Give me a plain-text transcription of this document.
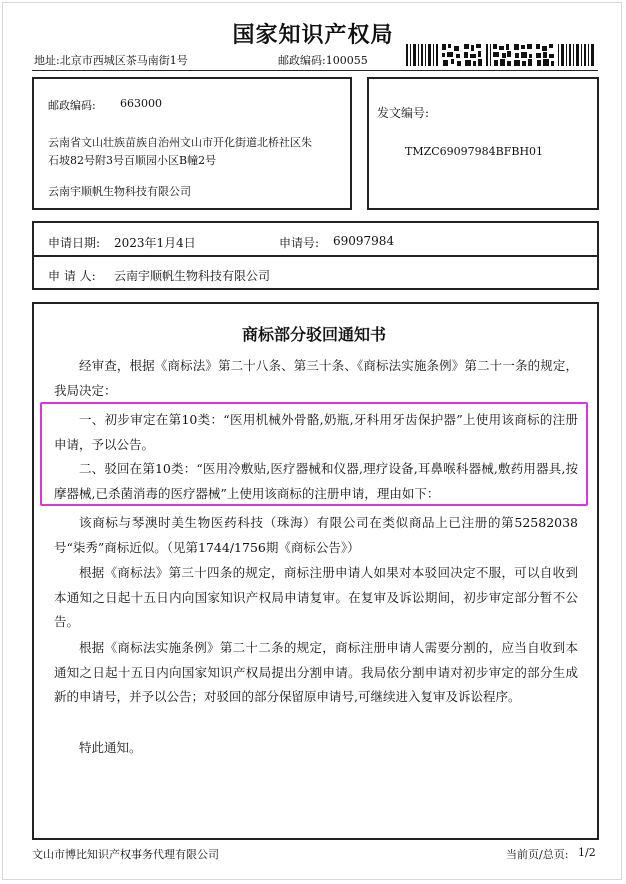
国家知识产权局
地址:北京市西城区茶马南街1号	邮政编码:100055
邮政编码: 663000
云南省文山壮族苗族自治州文山市开化街道北桥社区朱
石坡82号附3号百顺园小区B幢2号
云南宇顺帆生物科技有限公司
发文编号:
TMZC69097984BFBH01
申请日期: 2023年1月4日	申请号: 69097984
申 请 人: 云南宇顺帆生物科技有限公司
商标部分驳回通知书
经审查，根据《商标法》第二十八条、第三十条、《商标法实施条例》第二十一条的规定，我局决定：
一、初步审定在第10类：“医用机械外骨骼,奶瓶,牙科用牙齿保护器”上使用该商标的注册申请，予以公告。
二、驳回在第10类：“医用冷敷贴,医疗器械和仪器,理疗设备,耳鼻喉科器械,敷药用器具,按摩器械,已杀菌消毒的医疗器械”上使用该商标的注册申请，理由如下：
该商标与琴澳时美生物医药科技（珠海）有限公司在类似商品上已注册的第52582038号“柒秀”商标近似。（见第1744/1756期《商标公告》）
根据《商标法》第三十四条的规定，商标注册申请人如果对本驳回决定不服，可以自收到本通知之日起十五日内向国家知识产权局申请复审。在复审及诉讼期间，初步审定部分暂不公告。
根据《商标法实施条例》第二十二条的规定，商标注册申请人需要分割的，应当自收到本通知之日起十五日内向国家知识产权局提出分割申请。我局依分割申请对初步审定的部分生成新的申请号，并予以公告；对驳回的部分保留原申请号,可继续进入复审及诉讼程序。
特此通知。
文山市博比知识产权事务代理有限公司	当前页/总页: 1/2
